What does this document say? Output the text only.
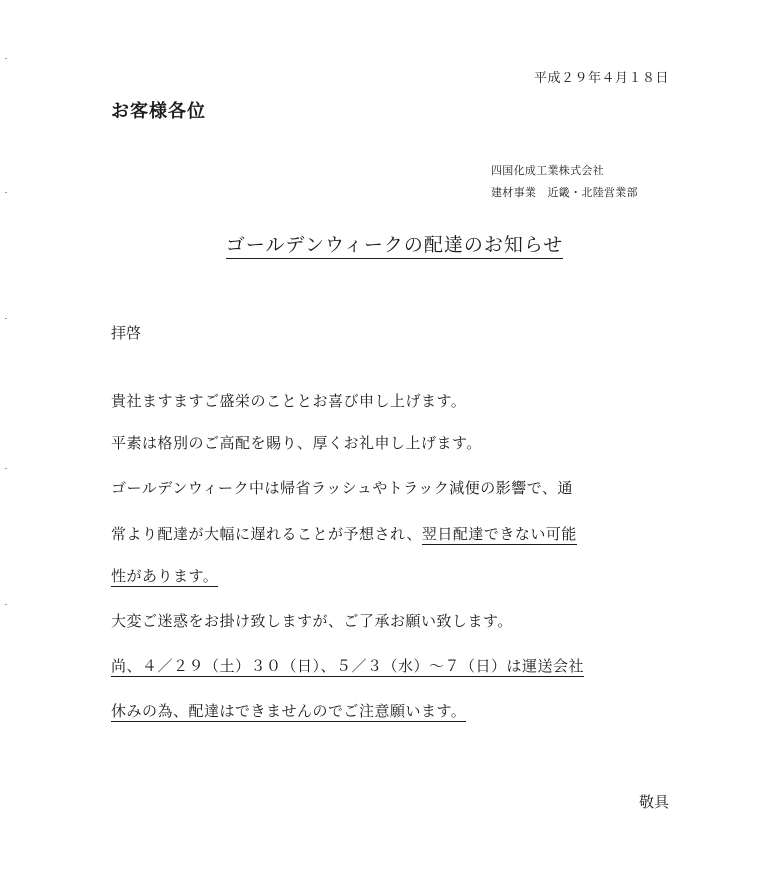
平成２９年４月１８日
お客様各位
四国化成工業株式会社
建材事業　近畿・北陸営業部
ゴールデンウィークの配達のお知らせ
拝啓
貴社ますますご盛栄のこととお喜び申し上げます。
平素は格別のご高配を賜り、厚くお礼申し上げます。
ゴールデンウィーク中は帰省ラッシュやトラック減便の影響で、通
常より配達が大幅に遅れることが予想され、翌日配達できない可能
性があります。
大変ご迷惑をお掛け致しますが、ご了承お願い致します。
尚、４／２９（土）３０（日）、５／３（水）～７（日）は運送会社
休みの為、配達はできませんのでご注意願います。
敬具
